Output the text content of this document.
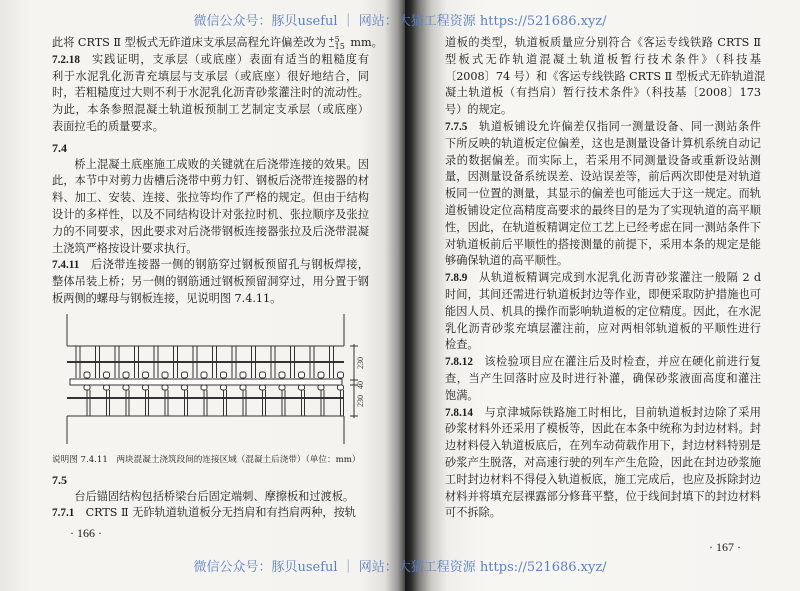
微信公众号：豚贝useful ｜ 网站：大猫工程资源 https://521686.xyz/
微信公众号：豚贝useful ｜ 网站：大猫工程资源 https://521686.xyz/
此将 CRTS Ⅱ 型板式无砟道床支承层高程允许偏差改为 +5
−15 mm。
7.2.18 实践证明，支承层（或底座）表面有适当的粗糙度有
利于水泥乳化沥青充填层与支承层（或底座）很好地结合，同
时，若粗糙度过大则不利于水泥乳化沥青砂浆灌注时的流动性。
为此，本条参照混凝土轨道板预制工艺制定支承层（或底座）
表面拉毛的质量要求。
7.4
桥上混凝土底座施工成败的关键就在后浇带连接的效果。因
此，本节中对剪力齿槽后浇带中剪力钉、钢板后浇带连接器的材
料、加工、安装、连接、张拉等均作了严格的规定。但由于结构
设计的多样性，以及不同结构设计对张拉时机、张拉顺序及张拉
力的不同要求，因此要求对后浇带钢板连接器张拉及后浇带混凝
土浇筑严格按设计要求执行。
7.4.11 后浇带连接器一侧的钢筋穿过钢板预留孔与钢板焊接，
整体吊装上桥；另一侧的钢筋通过钢板预留洞穿过，用分置于钢
板两侧的螺母与钢板连接，见说明图 7.4.11。
230
40
230
说明图 7.4.11　两块混凝土浇筑段间的连接区域（混凝土后浇带）（单位：mm）
7.5
台后锚固结构包括桥梁台后固定端刺、摩擦板和过渡板。
7.7.1 CRTS Ⅱ 无砟轨道轨道板分无挡肩和有挡肩两种，按轨
· 166 ·
道板的类型，轨道板质量应分别符合《客运专线铁路 CRTS Ⅱ
型板式无砟轨道混凝土轨道板暂行技术条件》（科技基
〔2008〕74 号）和《客运专线铁路 CRTS Ⅱ 型板式无砟轨道混
凝土轨道板（有挡肩）暂行技术条件》（科技基〔2008〕173
号）的规定。
7.7.5 轨道板铺设允许偏差仅指同一测量设备、同一测站条件
下所反映的轨道板定位偏差，这也是测量设备计算机系统自动记
录的数据偏差。而实际上，若采用不同测量设备或重新设站测
量，因测量设备系统误差、设站误差等，前后两次即使是对轨道
板同一位置的测量，其显示的偏差也可能远大于这一规定。而轨
道板铺设定位高精度高要求的最终目的是为了实现轨道的高平顺
性，因此，在轨道板精调定位工艺上已经考虑在同一测站条件下
对轨道板前后平顺性的搭接测量的前提下，采用本条的规定是能
够确保轨道的高平顺性。
7.8.9 从轨道板精调完成到水泥乳化沥青砂浆灌注一般隔 2 d
时间，其间还需进行轨道板封边等作业，即便采取防护措施也可
能因人员、机具的操作而影响轨道板的定位精度。因此，在水泥
乳化沥青砂浆充填层灌注前，应对两相邻轨道板的平顺性进行
检查。
7.8.12 该检验项目应在灌注后及时检查，并应在硬化前进行复
查，当产生回落时应及时进行补灌，确保砂浆液面高度和灌注
饱满。
7.8.14 与京津城际铁路施工时相比，目前轨道板封边除了采用
砂浆材料外还采用了模板等，因此在本条中统称为封边材料。封
边材料侵入轨道板底后，在列车动荷载作用下，封边材料特别是
砂浆产生脱落，对高速行驶的列车产生危险，因此在封边砂浆施
工时封边材料不得侵入轨道板底，施工完成后，也应及拆除封边
材料并将填充层裸露部分修葺平整，位于线间封填下的封边材料
可不拆除。
· 167 ·
